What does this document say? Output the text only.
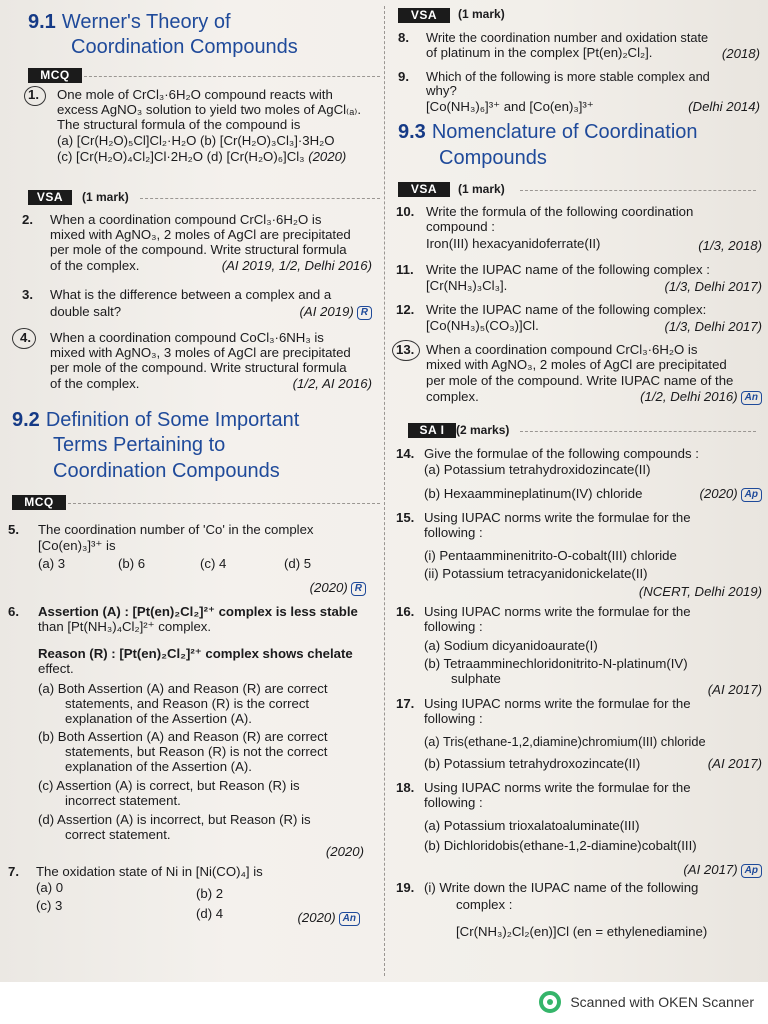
9.1 Werner's Theory of
Coordination Compounds
MCQ
1. One mole of CrCl₃·6H₂O compound reacts with
excess AgNO₃ solution to yield two moles of AgCl₍ₐ₎.
The structural formula of the compound is
(a) [Cr(H₂O)₅Cl]Cl₂·H₂O (b) [Cr(H₂O)₃Cl₃]·3H₂O
(c) [Cr(H₂O)₄Cl₂]Cl·2H₂O (d) [Cr(H₂O)₆]Cl₃ (2020)
VSA	(1 mark)
2. When a coordination compound CrCl₃·6H₂O is
mixed with AgNO₃, 2 moles of AgCl are precipitated
per mole of the compound. Write structural formula
of the complex.	(AI 2019, 1/2, Delhi 2016)
3. What is the difference between a complex and a
double salt?	(AI 2019) R
4. When a coordination compound CoCl₃·6NH₃ is
mixed with AgNO₃, 3 moles of AgCl are precipitated
per mole of the compound. Write structural formula
of the complex.	(1/2, AI 2016)
9.2 Definition of Some Important
Terms Pertaining to
Coordination Compounds
MCQ
5. The coordination number of 'Co' in the complex
[Co(en)₃]³⁺ is
(a) 3	(b) 6	(c) 4	(d) 5
(2020) R
6. Assertion (A) : [Pt(en)₂Cl₂]²⁺ complex is less stable
than [Pt(NH₃)₄Cl₂]²⁺ complex.
Reason (R) : [Pt(en)₂Cl₂]²⁺ complex shows chelate
effect.
(a) Both Assertion (A) and Reason (R) are correct
statements, and Reason (R) is the correct
explanation of the Assertion (A).
(b) Both Assertion (A) and Reason (R) are correct
statements, but Reason (R) is not the correct
explanation of the Assertion (A).
(c) Assertion (A) is correct, but Reason (R) is
incorrect statement.
(d) Assertion (A) is incorrect, but Reason (R) is
correct statement.
(2020)
7. The oxidation state of Ni in [Ni(CO)₄] is
(a) 0	(b) 2
(c) 3
(d) 4	(2020) An
VSA	(1 mark)
8. Write the coordination number and oxidation state
of platinum in the complex [Pt(en)₂Cl₂].	(2018)
9. Which of the following is more stable complex and
why?
[Co(NH₃)₆]³⁺ and [Co(en)₃]³⁺	(Delhi 2014)
9.3 Nomenclature of Coordination
Compounds
VSA	(1 mark)
10. Write the formula of the following coordination
compound :
Iron(III) hexacyanidoferrate(II)	(1/3, 2018)
11. Write the IUPAC name of the following complex :
[Cr(NH₃)₃Cl₃].	(1/3, Delhi 2017)
12. Write the IUPAC name of the following complex:
[Co(NH₃)₅(CO₃)]Cl.	(1/3, Delhi 2017)
13. When a coordination compound CrCl₃·6H₂O is
mixed with AgNO₃, 2 moles of AgCl are precipitated
per mole of the compound. Write IUPAC name of the
complex.	(1/2, Delhi 2016) An
SA I (2 marks)
14. Give the formulae of the following compounds :
(a) Potassium tetrahydroxidozincate(II)
(b) Hexaammineplatinum(IV) chloride	(2020) Ap
15. Using IUPAC norms write the formulae for the
following :
(i) Pentaamminenitrito-O-cobalt(III) chloride
(ii) Potassium tetracyanidonickelate(II)
(NCERT, Delhi 2019)
16. Using IUPAC norms write the formulae for the
following :
(a) Sodium dicyanidoaurate(I)
(b) Tetraamminechloridonitrito-N-platinum(IV)
sulphate
(AI 2017)
17. Using IUPAC norms write the formulae for the
following :
(a) Tris(ethane-1,2,diamine)chromium(III) chloride
(b) Potassium tetrahydroxozincate(II)	(AI 2017)
18. Using IUPAC norms write the formulae for the
following :
(a) Potassium trioxalatoaluminate(III)
(b) Dichloridobis(ethane-1,2-diamine)cobalt(III)
(AI 2017) Ap
19. (i) Write down the IUPAC name of the following
complex :
[Cr(NH₃)₂Cl₂(en)]Cl (en = ethylenediamine)
Scanned with OKEN Scanner
